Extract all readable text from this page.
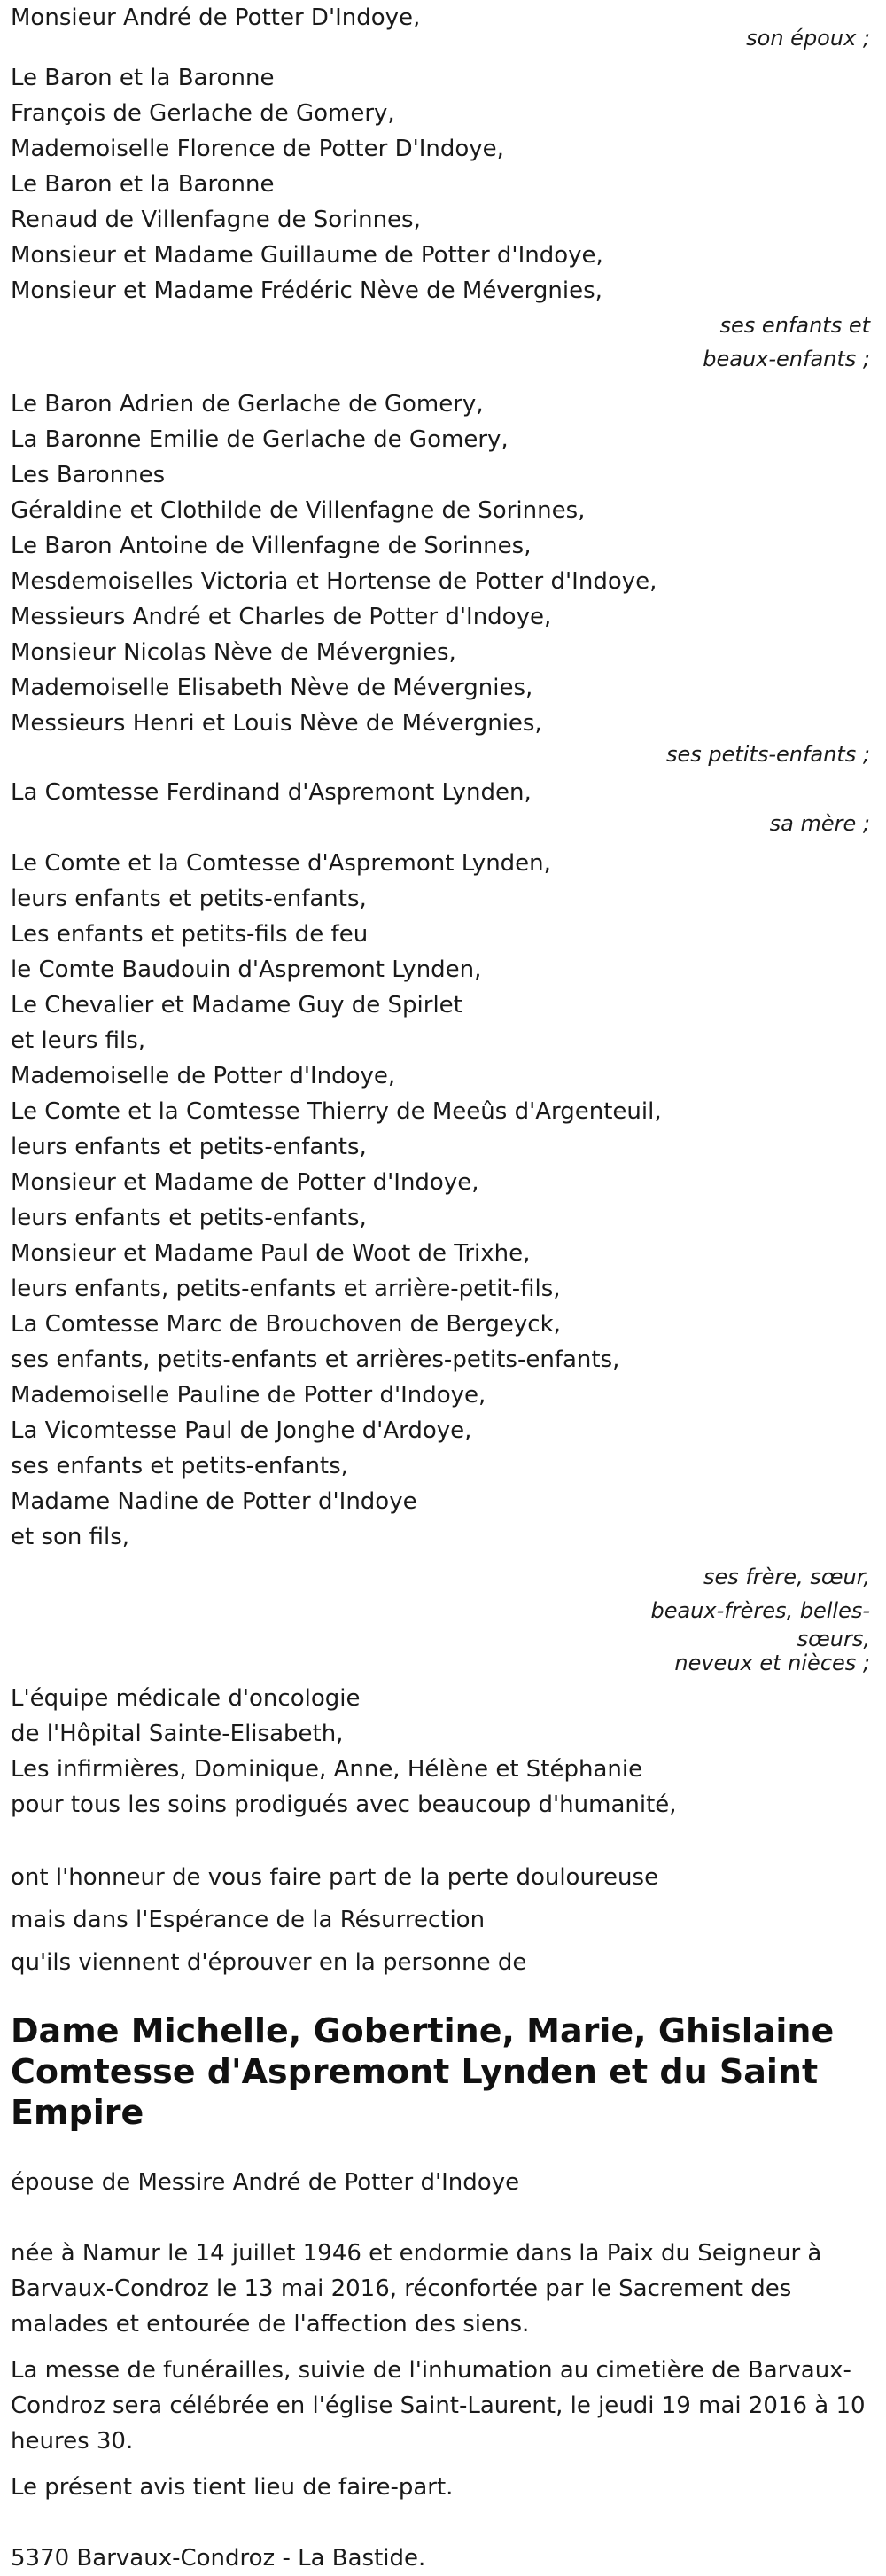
Monsieur André de Potter D'Indoye,
son époux ;
Le Baron et la Baronne
François de Gerlache de Gomery,
Mademoiselle Florence de Potter D'Indoye,
Le Baron et la Baronne
Renaud de Villenfagne de Sorinnes,
Monsieur et Madame Guillaume de Potter d'Indoye,
Monsieur et Madame Frédéric Nève de Mévergnies,
ses enfants et
beaux-enfants ;
Le Baron Adrien de Gerlache de Gomery,
La Baronne Emilie de Gerlache de Gomery,
Les Baronnes
Géraldine et Clothilde de Villenfagne de Sorinnes,
Le Baron Antoine de Villenfagne de Sorinnes,
Mesdemoiselles Victoria et Hortense de Potter d'Indoye,
Messieurs André et Charles de Potter d'Indoye,
Monsieur Nicolas Nève de Mévergnies,
Mademoiselle Elisabeth Nève de Mévergnies,
Messieurs Henri et Louis Nève de Mévergnies,
ses petits-enfants ;
La Comtesse Ferdinand d'Aspremont Lynden,
sa mère ;
Le Comte et la Comtesse d'Aspremont Lynden,
leurs enfants et petits-enfants,
Les enfants et petits-fils de feu
le Comte Baudouin d'Aspremont Lynden,
Le Chevalier et Madame Guy de Spirlet
et leurs fils,
Mademoiselle de Potter d'Indoye,
Le Comte et la Comtesse Thierry de Meeûs d'Argenteuil,
leurs enfants et petits-enfants,
Monsieur et Madame de Potter d'Indoye,
leurs enfants et petits-enfants,
Monsieur et Madame Paul de Woot de Trixhe,
leurs enfants, petits-enfants et arrière-petit-fils,
La Comtesse Marc de Brouchoven de Bergeyck,
ses enfants, petits-enfants et arrières-petits-enfants,
Mademoiselle Pauline de Potter d'Indoye,
La Vicomtesse Paul de Jonghe d'Ardoye,
ses enfants et petits-enfants,
Madame Nadine de Potter d'Indoye
et son fils,
ses frère, sœur,
beaux-frères, belles-
sœurs,
neveux et nièces ;
L'équipe médicale d'oncologie
de l'Hôpital Sainte-Elisabeth,
Les infirmières, Dominique, Anne, Hélène et Stéphanie
pour tous les soins prodigués avec beaucoup d'humanité,
ont l'honneur de vous faire part de la perte douloureuse
mais dans l'Espérance de la Résurrection
qu'ils viennent d'éprouver en la personne de
Dame Michelle, Gobertine, Marie, Ghislaine Comtesse d'Aspremont Lynden et du Saint Empire
épouse de Messire André de Potter d'Indoye
née à Namur le 14 juillet 1946 et endormie dans la Paix du Seigneur à Barvaux-Condroz le 13 mai 2016, réconfortée par le Sacrement des malades et entourée de l'affection des siens.
La messe de funérailles, suivie de l'inhumation au cimetière de Barvaux-Condroz sera célébrée en l'église Saint-Laurent, le jeudi 19 mai 2016 à 10 heures 30.
Le présent avis tient lieu de faire-part.
5370 Barvaux-Condroz - La Bastide.
